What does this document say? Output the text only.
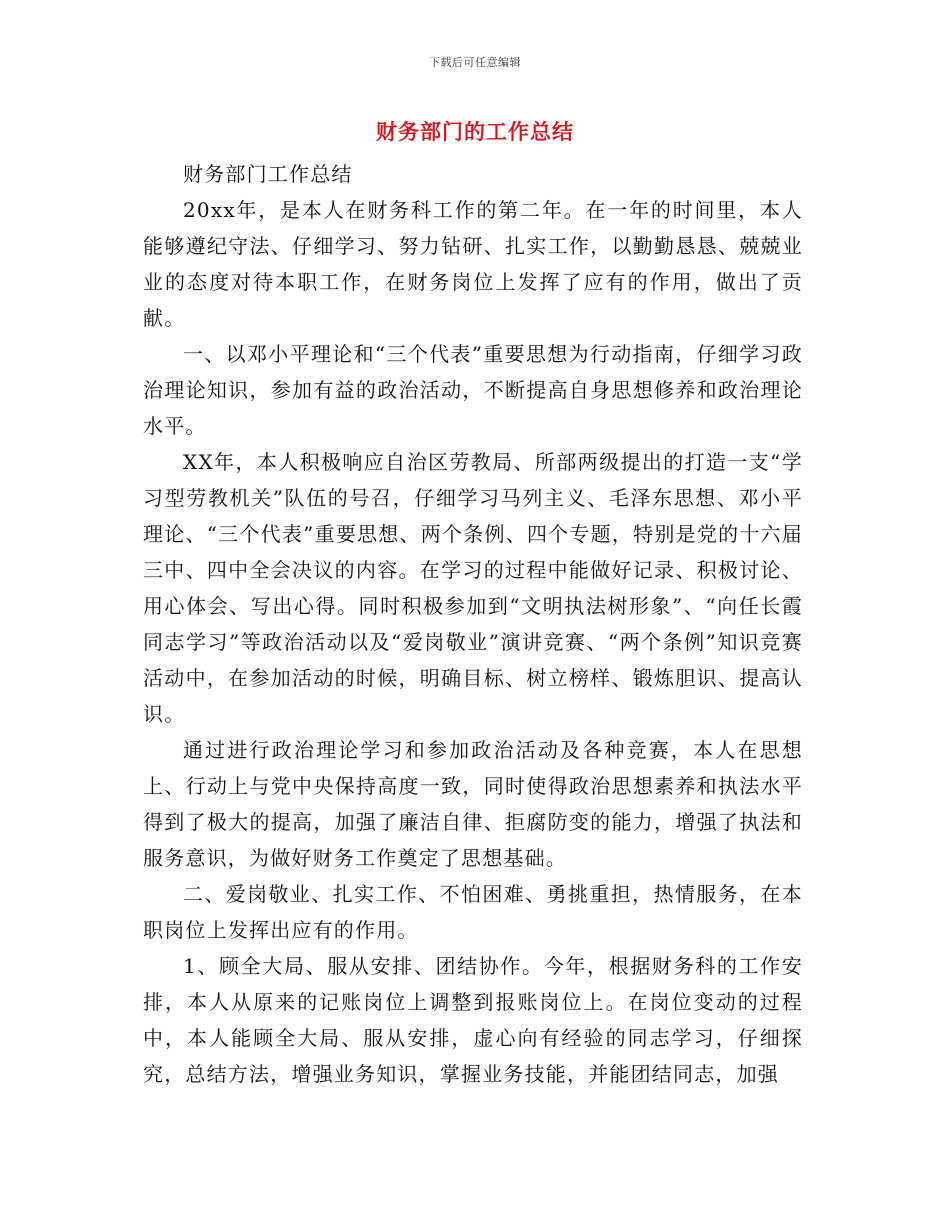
下载后可任意编辑
财务部门的工作总结

财务部门工作总结

20xx年，是本人在财务科工作的第二年。在一年的时间里，本人能够遵纪守法、仔细学习、努力钻研、扎实工作，以勤勤恳恳、兢兢业业的态度对待本职工作，在财务岗位上发挥了应有的作用，做出了贡献。

一、以邓小平理论和“三个代表”重要思想为行动指南，仔细学习政治理论知识，参加有益的政治活动，不断提高自身思想修养和政治理论水平。

XX年，本人积极响应自治区劳教局、所部两级提出的打造一支“学习型劳教机关”队伍的号召，仔细学习马列主义、毛泽东思想、邓小平理论、“三个代表”重要思想、两个条例、四个专题，特别是党的十六届三中、四中全会决议的内容。在学习的过程中能做好记录、积极讨论、用心体会、写出心得。同时积极参加到“文明执法树形象”、“向任长霞同志学习”等政治活动以及“爱岗敬业”演讲竞赛、“两个条例”知识竞赛活动中，在参加活动的时候，明确目标、树立榜样、锻炼胆识、提高认识。

通过进行政治理论学习和参加政治活动及各种竞赛，本人在思想上、行动上与党中央保持高度一致，同时使得政治思想素养和执法水平得到了极大的提高，加强了廉洁自律、拒腐防变的能力，增强了执法和服务意识，为做好财务工作奠定了思想基础。

二、爱岗敬业、扎实工作、不怕困难、勇挑重担，热情服务，在本职岗位上发挥出应有的作用。

1、顾全大局、服从安排、团结协作。今年，根据财务科的工作安排，本人从原来的记账岗位上调整到报账岗位上。在岗位变动的过程中，本人能顾全大局、服从安排，虚心向有经验的同志学习，仔细探究，总结方法，增强业务知识，掌握业务技能，并能团结同志，加强
